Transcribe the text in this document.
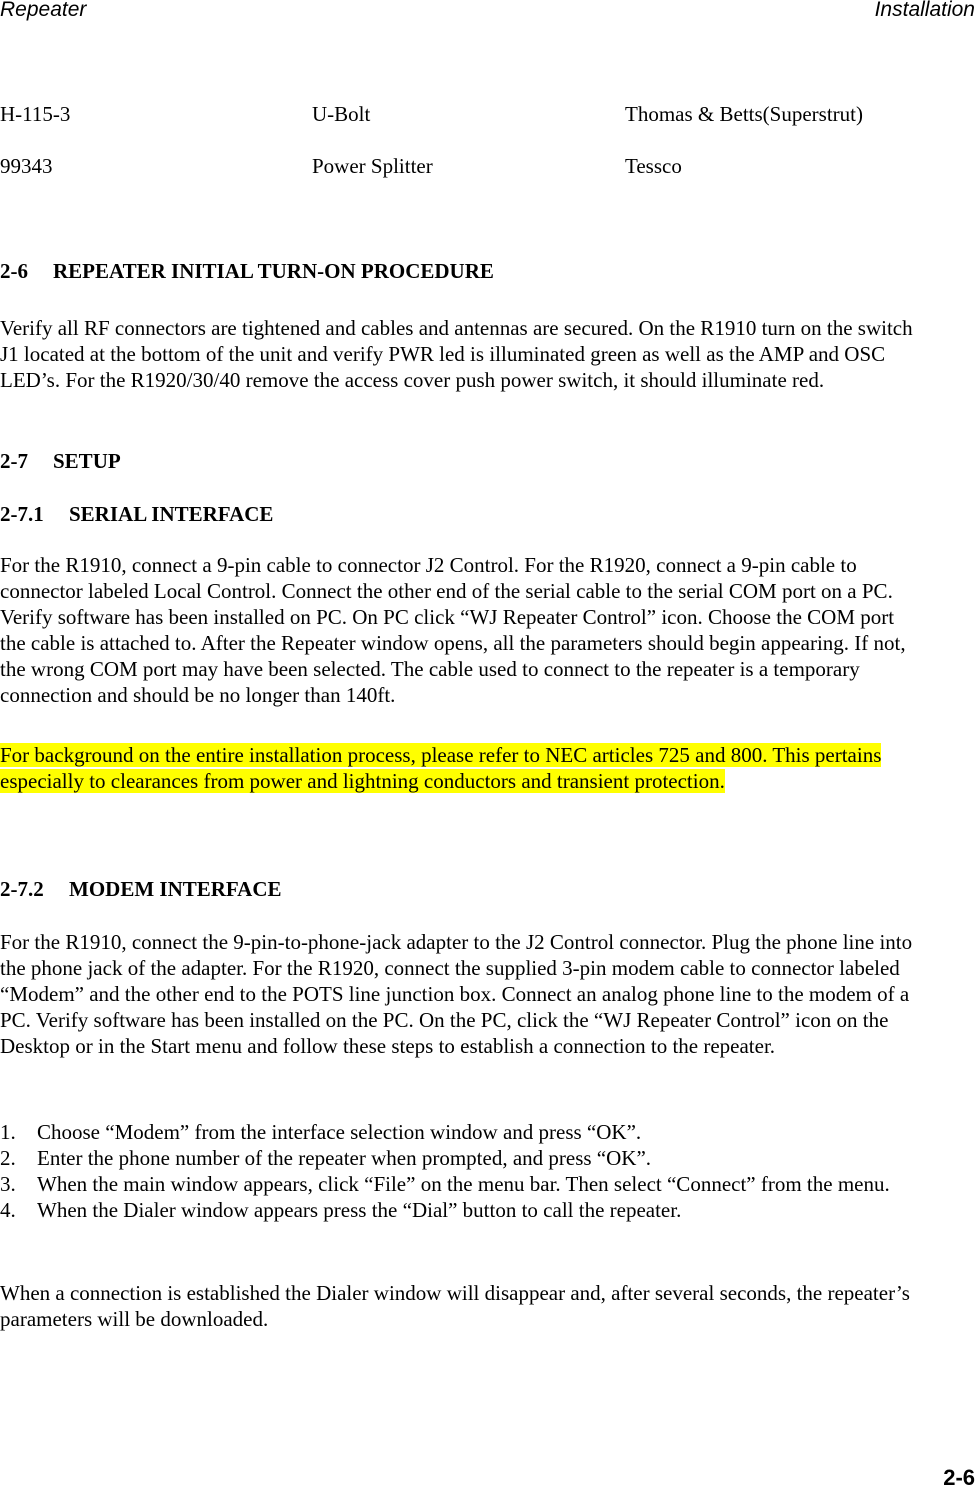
Repeater	Installation
H-115-3	U-Bolt	Thomas & Betts(Superstrut)
99343	Power Splitter	Tessco
2-6 REPEATER INITIAL TURN-ON PROCEDURE

Verify all RF connectors are tightened and cables and antennas are secured. On the R1910 turn on the switch J1 located at the bottom of the unit and verify PWR led is illuminated green as well as the AMP and OSC LED’s. For the R1920/30/40 remove the access cover push power switch, it should illuminate red.

2-7 SETUP
2-7.1 SERIAL INTERFACE

For the R1910, connect a 9-pin cable to connector J2 Control. For the R1920, connect a 9-pin cable to connector labeled Local Control. Connect the other end of the serial cable to the serial COM port on a PC. Verify software has been installed on PC. On PC click “WJ Repeater Control” icon. Choose the COM port the cable is attached to. After the Repeater window opens, all the parameters should begin appearing. If not, the wrong COM port may have been selected. The cable used to connect to the repeater is a temporary connection and should be no longer than 140ft.

For background on the entire installation process, please refer to NEC articles 725 and 800. This pertains especially to clearances from power and lightning conductors and transient protection.

2-7.2 MODEM INTERFACE

For the R1910, connect the 9-pin-to-phone-jack adapter to the J2 Control connector. Plug the phone line into the phone jack of the adapter. For the R1920, connect the supplied 3-pin modem cable to connector labeled “Modem” and the other end to the POTS line junction box. Connect an analog phone line to the modem of a PC. Verify software has been installed on the PC. On the PC, click the “WJ Repeater Control” icon on the Desktop or in the Start menu and follow these steps to establish a connection to the repeater.

1. Choose “Modem” from the interface selection window and press “OK”.
2. Enter the phone number of the repeater when prompted, and press “OK”.
3. When the main window appears, click “File” on the menu bar. Then select “Connect” from the menu.
4. When the Dialer window appears press the “Dial” button to call the repeater.

When a connection is established the Dialer window will disappear and, after several seconds, the repeater’s parameters will be downloaded.

2-6
